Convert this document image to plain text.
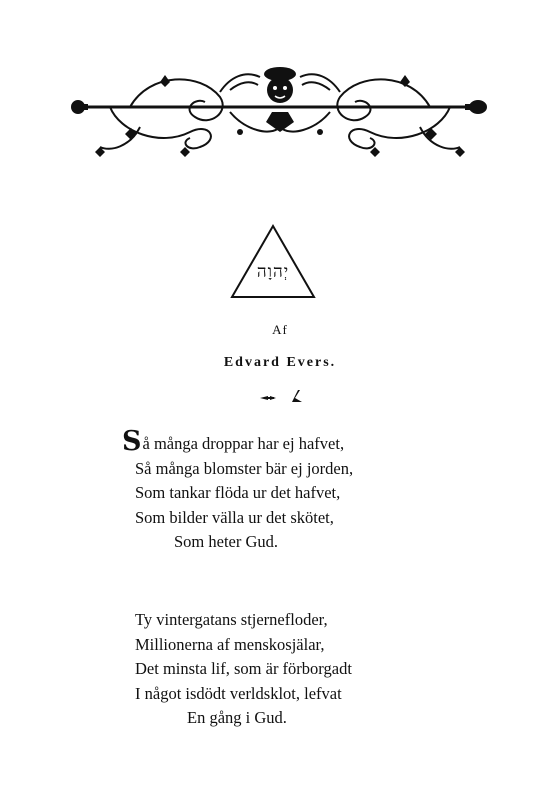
יְהוָה
Af
Edvard Evers.
Så många droppar har ej hafvet,
Så många blomster bär ej jorden,
Som tankar flöda ur det hafvet,
Som bilder välla ur det skötet,
Som heter Gud.
Ty vintergatans stjernefloder,
Millionerna af menskosjälar,
Det minsta lif, som är förborgadt
I något isdödt verldsklot, lefvat
En gång i Gud.
